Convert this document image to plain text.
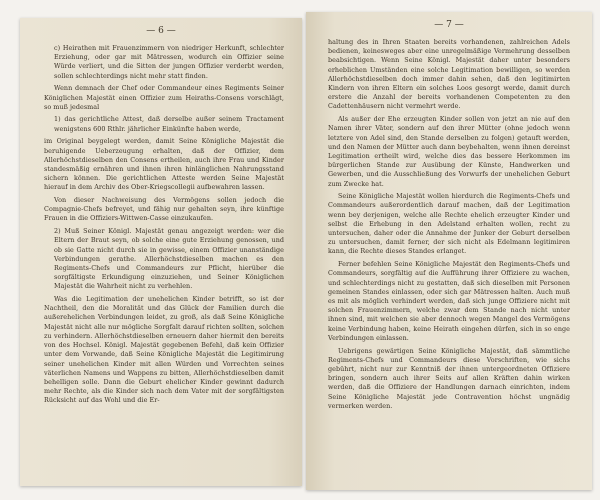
— 6 —

c) Heirathen mit Frauenzimmern von niedriger Herkunft, schlechter Erziehung, oder gar mit Mätressen, wodurch ein Offizier seine Würde verliert, und die Sitten der jungen Offizier verderbt werden, sollen schlechterdings nicht mehr statt finden.

Wenn demnach der Chef oder Commandeur eines Regiments Seiner Königlichen Majestät einen Offizier zum Heiraths-Consens vorschlägt, so muß jedesmal

1) das gerichtliche Attest, daß derselbe außer seinem Tractament wenigstens 600 Rthlr. jährlicher Einkünfte haben werde,

im Original beygelegt werden, damit Seine Königliche Majestät die beruhigende Ueberzeugung erhalten, daß der Offizier, dem Allerhöchstdieselben den Consens ertheilen, auch ihre Frau und Kinder standesmäßig ernähren und ihnen ihren hinlänglichen Nahrungsstand sichern können. Die gerichtlichen Atteste werden Seine Majestät hierauf in dem Archiv des Ober-Kriegscollegii aufbewahren lassen.

Von dieser Nachweisung des Vermögens sollen jedoch die Compagnie-Chefs befreyet, und fähig nur gehalten seyn, ihre künftige Frauen in die Offiziers-Wittwen-Casse einzukaufen.

2) Muß Seiner Königl. Majestät genau angezeigt werden: wer die Eltern der Braut seyn, ob solche eine gute Erziehung genossen, und ob sie Gatte nicht durch sie in gewisse, einem Offizier unanständige Verbindungen gerathe. Allerhöchstdieselben machen es den Regiments-Chefs und Commandeurs zur Pflicht, hierüber die sorgfältigste Erkundigung einzuziehen, und Seiner Königlichen Majestät die Wahrheit nicht zu verhehlen.

Was die Legitimation der unehelichen Kinder betrifft, so ist der Nachtheil, den die Moralität und das Glück der Familien durch die außerehelichen Verbindungen leidet, zu groß, als daß Seine Königliche Majestät nicht alle nur mögliche Sorgfalt darauf richten sollten, solchen zu verhindern. Allerhöchstdieselben erneuern daher hiermit den bereits von des Hochsel. Königl. Majestät gegebenen Befehl, daß kein Offizier unter dem Vorwande, daß Seine Königliche Majestät die Legitimirung seiner unehelichen Kinder mit allen Würden und Vorrechten seines väterlichen Namens und Wappens zu bitten, Allerhöchstdieselben damit behelligen solle. Dann die Geburt ehelicher Kinder gewinnt dadurch mehr Rechte, als die Kinder sich nach dem Vater mit der sorgfältigsten Rücksicht auf das Wohl und die Er-

— 7 —

haltung des in Ihren Staaten bereits vorhandenen, zahlreichen Adels bedienen, keinesweges aber eine unregelmäßige Vermehrung desselben beabsichtigen. Wenn Seine Königl. Majestät daher unter besonders erheblichen Umständen eine solche Legitimation bewilligen, so werden Allerhöchstdieselben doch immer dahin sehen, daß den legitimirten Kindern von ihren Eltern ein solches Loos gesorgt werde, damit durch erstere die Anzahl der bereits vorhandenen Competenten zu den Cadettenhäusern nicht vermehrt werde.

Als außer der Ehe erzeugten Kinder sollen von jetzt an nie auf den Namen ihrer Väter, sondern auf den ihrer Mütter (ohne jedoch wenn letztere von Adel sind, den Stande derselben zu folgen) getauft werden, und den Namen der Mütter auch dann beybehalten, wenn ihnen dereinst Legitimation ertheilt wird, welche dies das bessere Herkommen im bürgerlichen Stande zur Ausübung der Künste, Handwerken und Gewerben, und die Ausschließung des Vorwurfs der unehelichen Geburt zum Zwecke hat.

Seine Königliche Majestät wollen hierdurch die Regiments-Chefs und Commandeurs außerordentlich darauf machen, daß der Legitimation wenn bey derjenigen, welche alle Rechte ehelich erzeugter Kinder und selbst die Erhebung in den Adelstand erhalten wollen, recht zu untersuchen, daher oder die Annahme der Junker der Geburt derselben zu untersuchen, damit ferner, der sich nicht als Edelmann legitimiren kann, die Rechte dieses Standes erlanget.

Ferner befehlen Seine Königliche Majestät den Regiments-Chefs und Commandeurs, sorgfältig auf die Aufführung ihrer Offiziere zu wachen, und schlechterdings nicht zu gestatten, daß sich dieselben mit Personen gemeinen Standes einlassen, oder sich gar Mätressen halten. Auch muß es mit als möglich verhindert werden, daß sich junge Offiziere nicht mit solchen Frauenzimmern, welche zwar dem Stande nach nicht unter ihnen sind, mit welchen sie aber dennoch wegen Mangel des Vermögens keine Verbindung haben, keine Heirath eingehen dürfen, sich in so enge Verbindungen einlassen.

Uebrigens gewärtigen Seine Königliche Majestät, daß sämmtliche Regiments-Chefs und Commandeurs diese Vorschriften, wie sichs gebührt, nicht nur zur Kenntniß der ihnen untergeordneten Offiziere bringen, sondern auch ihrer Seits auf allen Kräften dahin wirken werden, daß die Offiziere der Handlungen darnach einrichten, indem Seine Königliche Majestät jede Contravention höchst ungnädig vermerken werden.
